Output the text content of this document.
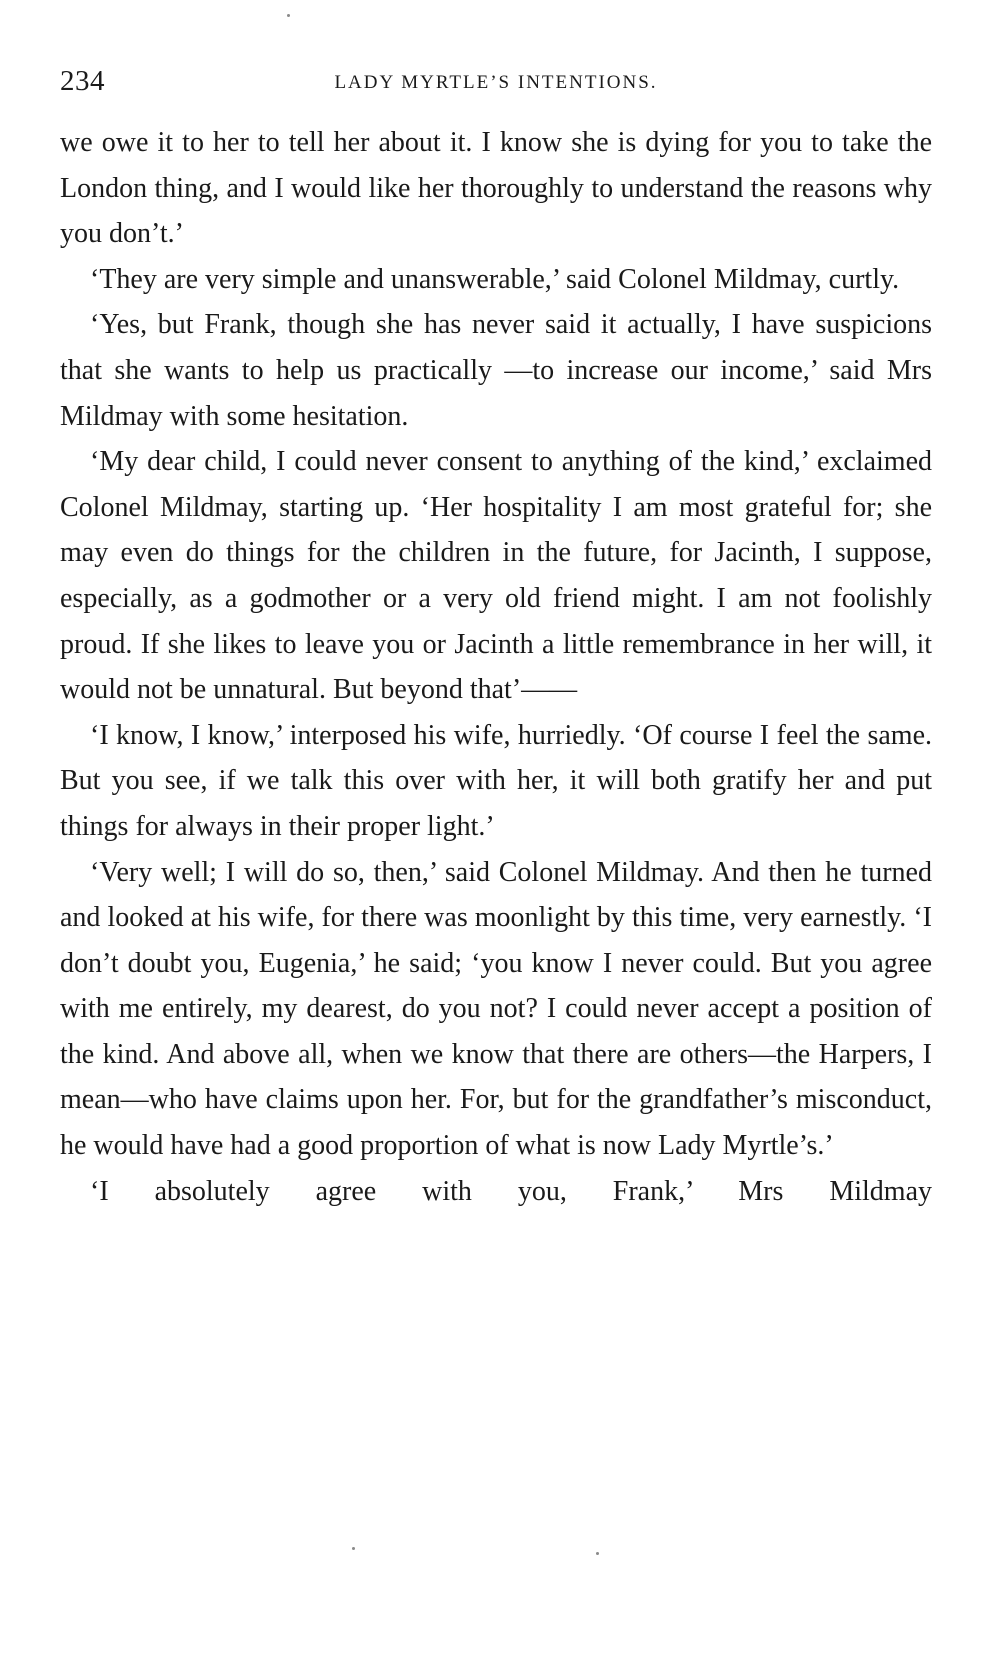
234	LADY MYRTLE’S INTENTIONS.

we owe it to her to tell her about it. I know she is dying for you to take the London thing, and I would like her thoroughly to understand the reasons why you don’t.’

‘They are very simple and unanswerable,’ said Colonel Mildmay, curtly.

‘Yes, but Frank, though she has never said it actually, I have suspicions that she wants to help us practically —to increase our income,’ said Mrs Mildmay with some hesitation.

‘My dear child, I could never consent to anything of the kind,’ exclaimed Colonel Mildmay, starting up. ‘Her hospitality I am most grateful for; she may even do things for the children in the future, for Jacinth, I suppose, especially, as a godmother or a very old friend might. I am not foolishly proud. If she likes to leave you or Jacinth a little remembrance in her will, it would not be unnatural. But beyond that’——

‘I know, I know,’ interposed his wife, hurriedly. ‘Of course I feel the same. But you see, if we talk this over with her, it will both gratify her and put things for always in their proper light.’

‘Very well; I will do so, then,’ said Colonel Mildmay. And then he turned and looked at his wife, for there was moonlight by this time, very earnestly. ‘I don’t doubt you, Eugenia,’ he said; ‘you know I never could. But you agree with me entirely, my dearest, do you not? I could never accept a position of the kind. And above all, when we know that there are others—the Harpers, I mean—who have claims upon her. For, but for the grandfather’s misconduct, he would have had a good proportion of what is now Lady Myrtle’s.’

‘I absolutely agree with you, Frank,’ Mrs Mildmay
